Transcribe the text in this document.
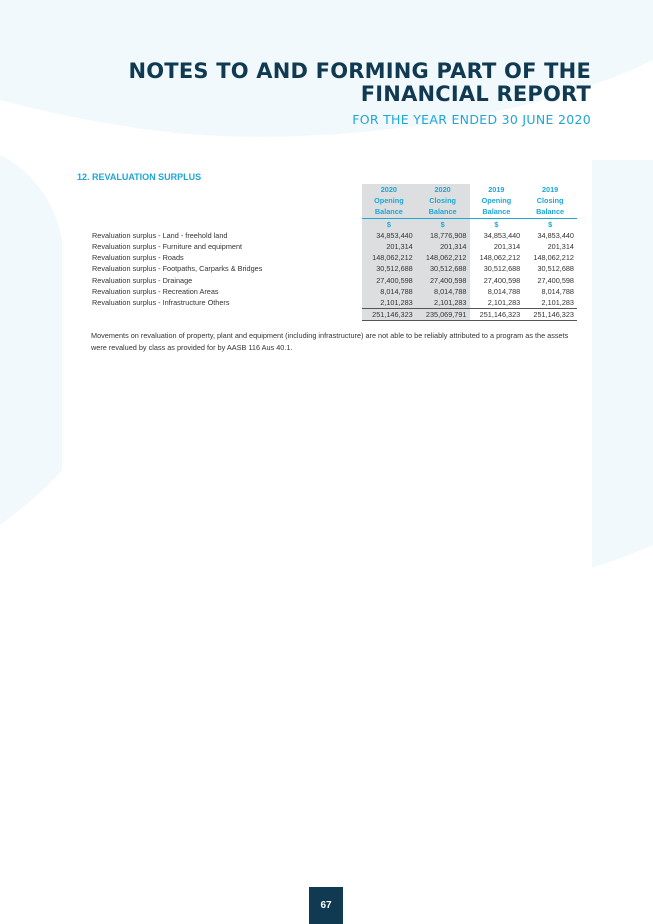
NOTES TO AND FORMING PART OF THE
FINANCIAL REPORT
FOR THE YEAR ENDED 30 JUNE 2020
12. REVALUATION SURPLUS
	2020	2020	2019	2019
	Opening	Closing	Opening	Closing
	Balance	Balance	Balance	Balance
	$	$	$	$
Revaluation surplus - Land - freehold land	34,853,440	18,776,908	34,853,440	34,853,440
Revaluation surplus - Furniture and equipment	201,314	201,314	201,314	201,314
Revaluation surplus - Roads	148,062,212	148,062,212	148,062,212	148,062,212
Revaluation surplus - Footpaths, Carparks & Bridges	30,512,688	30,512,688	30,512,688	30,512,688
Revaluation surplus - Drainage	27,400,598	27,400,598	27,400,598	27,400,598
Revaluation surplus - Recreation Areas	8,014,788	8,014,788	8,014,788	8,014,788
Revaluation surplus - Infrastructure Others	2,101,283	2,101,283	2,101,283	2,101,283
	251,146,323	235,069,791	251,146,323	251,146,323
Movements on revaluation of property, plant and equipment (including infrastructure) are not able to be reliably attributed to a program as the assets were revalued by class as provided for by AASB 116 Aus 40.1.
67
